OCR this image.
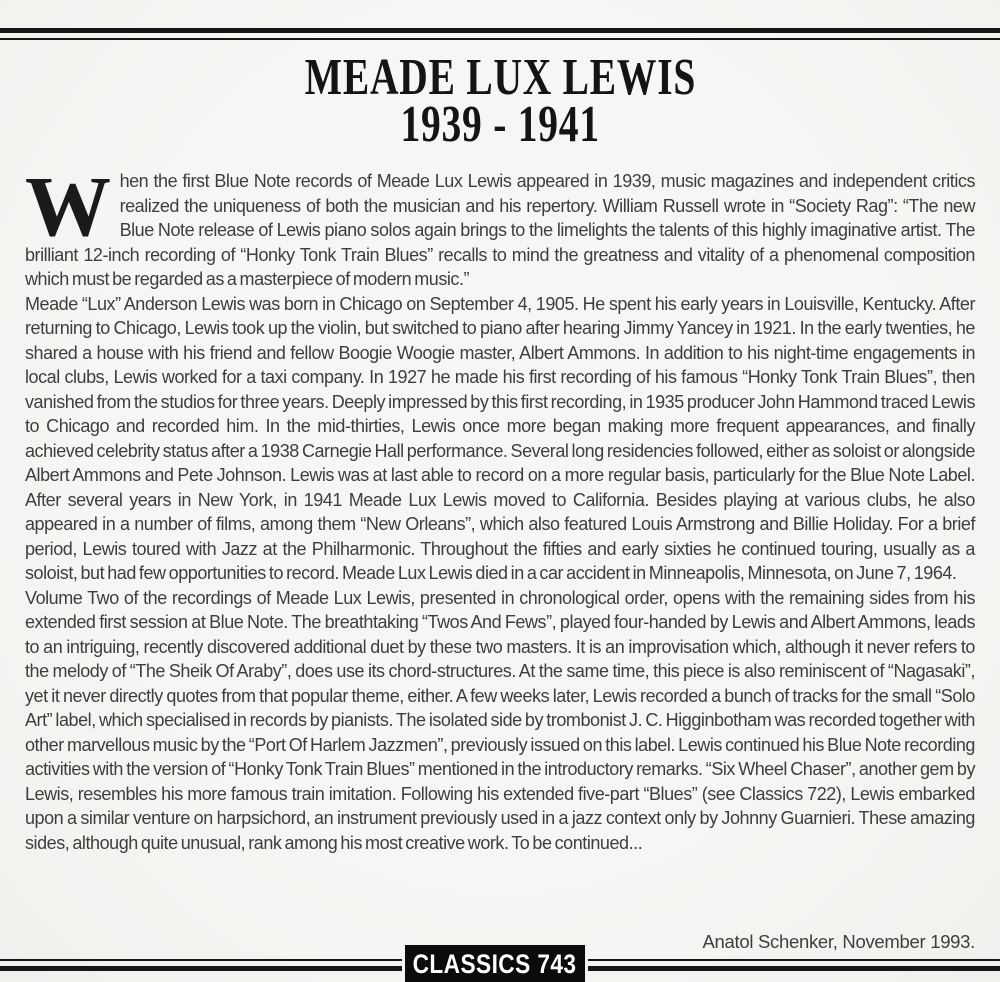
MEADE LUX LEWIS
1939 - 1941

When the first Blue Note records of Meade Lux Lewis appeared in 1939, music magazines and independent critics realized the uniqueness of both the musician and his repertory. William Russell wrote in “Society Rag”: “The new Blue Note release of Lewis piano solos again brings to the limelights the talents of this highly imaginative artist. The brilliant 12-inch recording of “Honky Tonk Train Blues” recalls to mind the greatness and vitality of a phenomenal composition which must be regarded as a masterpiece of modern music.”

Meade “Lux” Anderson Lewis was born in Chicago on September 4, 1905. He spent his early years in Louisville, Kentucky. After returning to Chicago, Lewis took up the violin, but switched to piano after hearing Jimmy Yancey in 1921. In the early twenties, he shared a house with his friend and fellow Boogie Woogie master, Albert Ammons. In addition to his night-time engagements in local clubs, Lewis worked for a taxi company. In 1927 he made his first recording of his famous “Honky Tonk Train Blues”, then vanished from the studios for three years. Deeply impressed by this first recording, in 1935 producer John Hammond traced Lewis to Chicago and recorded him. In the mid-thirties, Lewis once more began making more frequent appearances, and finally achieved celebrity status after a 1938 Carnegie Hall performance. Several long residencies followed, either as soloist or alongside Albert Ammons and Pete Johnson. Lewis was at last able to record on a more regular basis, particularly for the Blue Note Label. After several years in New York, in 1941 Meade Lux Lewis moved to California. Besides playing at various clubs, he also appeared in a number of films, among them “New Orleans”, which also featured Louis Armstrong and Billie Holiday. For a brief period, Lewis toured with Jazz at the Philharmonic. Throughout the fifties and early sixties he continued touring, usually as a soloist, but had few opportunities to record. Meade Lux Lewis died in a car accident in Minneapolis, Minnesota, on June 7, 1964.

Volume Two of the recordings of Meade Lux Lewis, presented in chronological order, opens with the remaining sides from his extended first session at Blue Note. The breathtaking “Twos And Fews”, played four-handed by Lewis and Albert Ammons, leads to an intriguing, recently discovered additional duet by these two masters. It is an improvisation which, although it never refers to the melody of “The Sheik Of Araby”, does use its chord-structures. At the same time, this piece is also reminiscent of “Nagasaki”, yet it never directly quotes from that popular theme, either. A few weeks later, Lewis recorded a bunch of tracks for the small “Solo Art” label, which specialised in records by pianists. The isolated side by trombonist J. C. Higginbotham was recorded together with other marvellous music by the “Port Of Harlem Jazzmen”, previously issued on this label. Lewis continued his Blue Note recording activities with the version of “Honky Tonk Train Blues” mentioned in the introductory remarks. “Six Wheel Chaser”, another gem by Lewis, resembles his more famous train imitation. Following his extended five-part “Blues” (see Classics 722), Lewis embarked upon a similar venture on harpsichord, an instrument previously used in a jazz context only by Johnny Guarnieri. These amazing sides, although quite unusual, rank among his most creative work. To be continued...

Anatol Schenker, November 1993.
CLASSICS 743
